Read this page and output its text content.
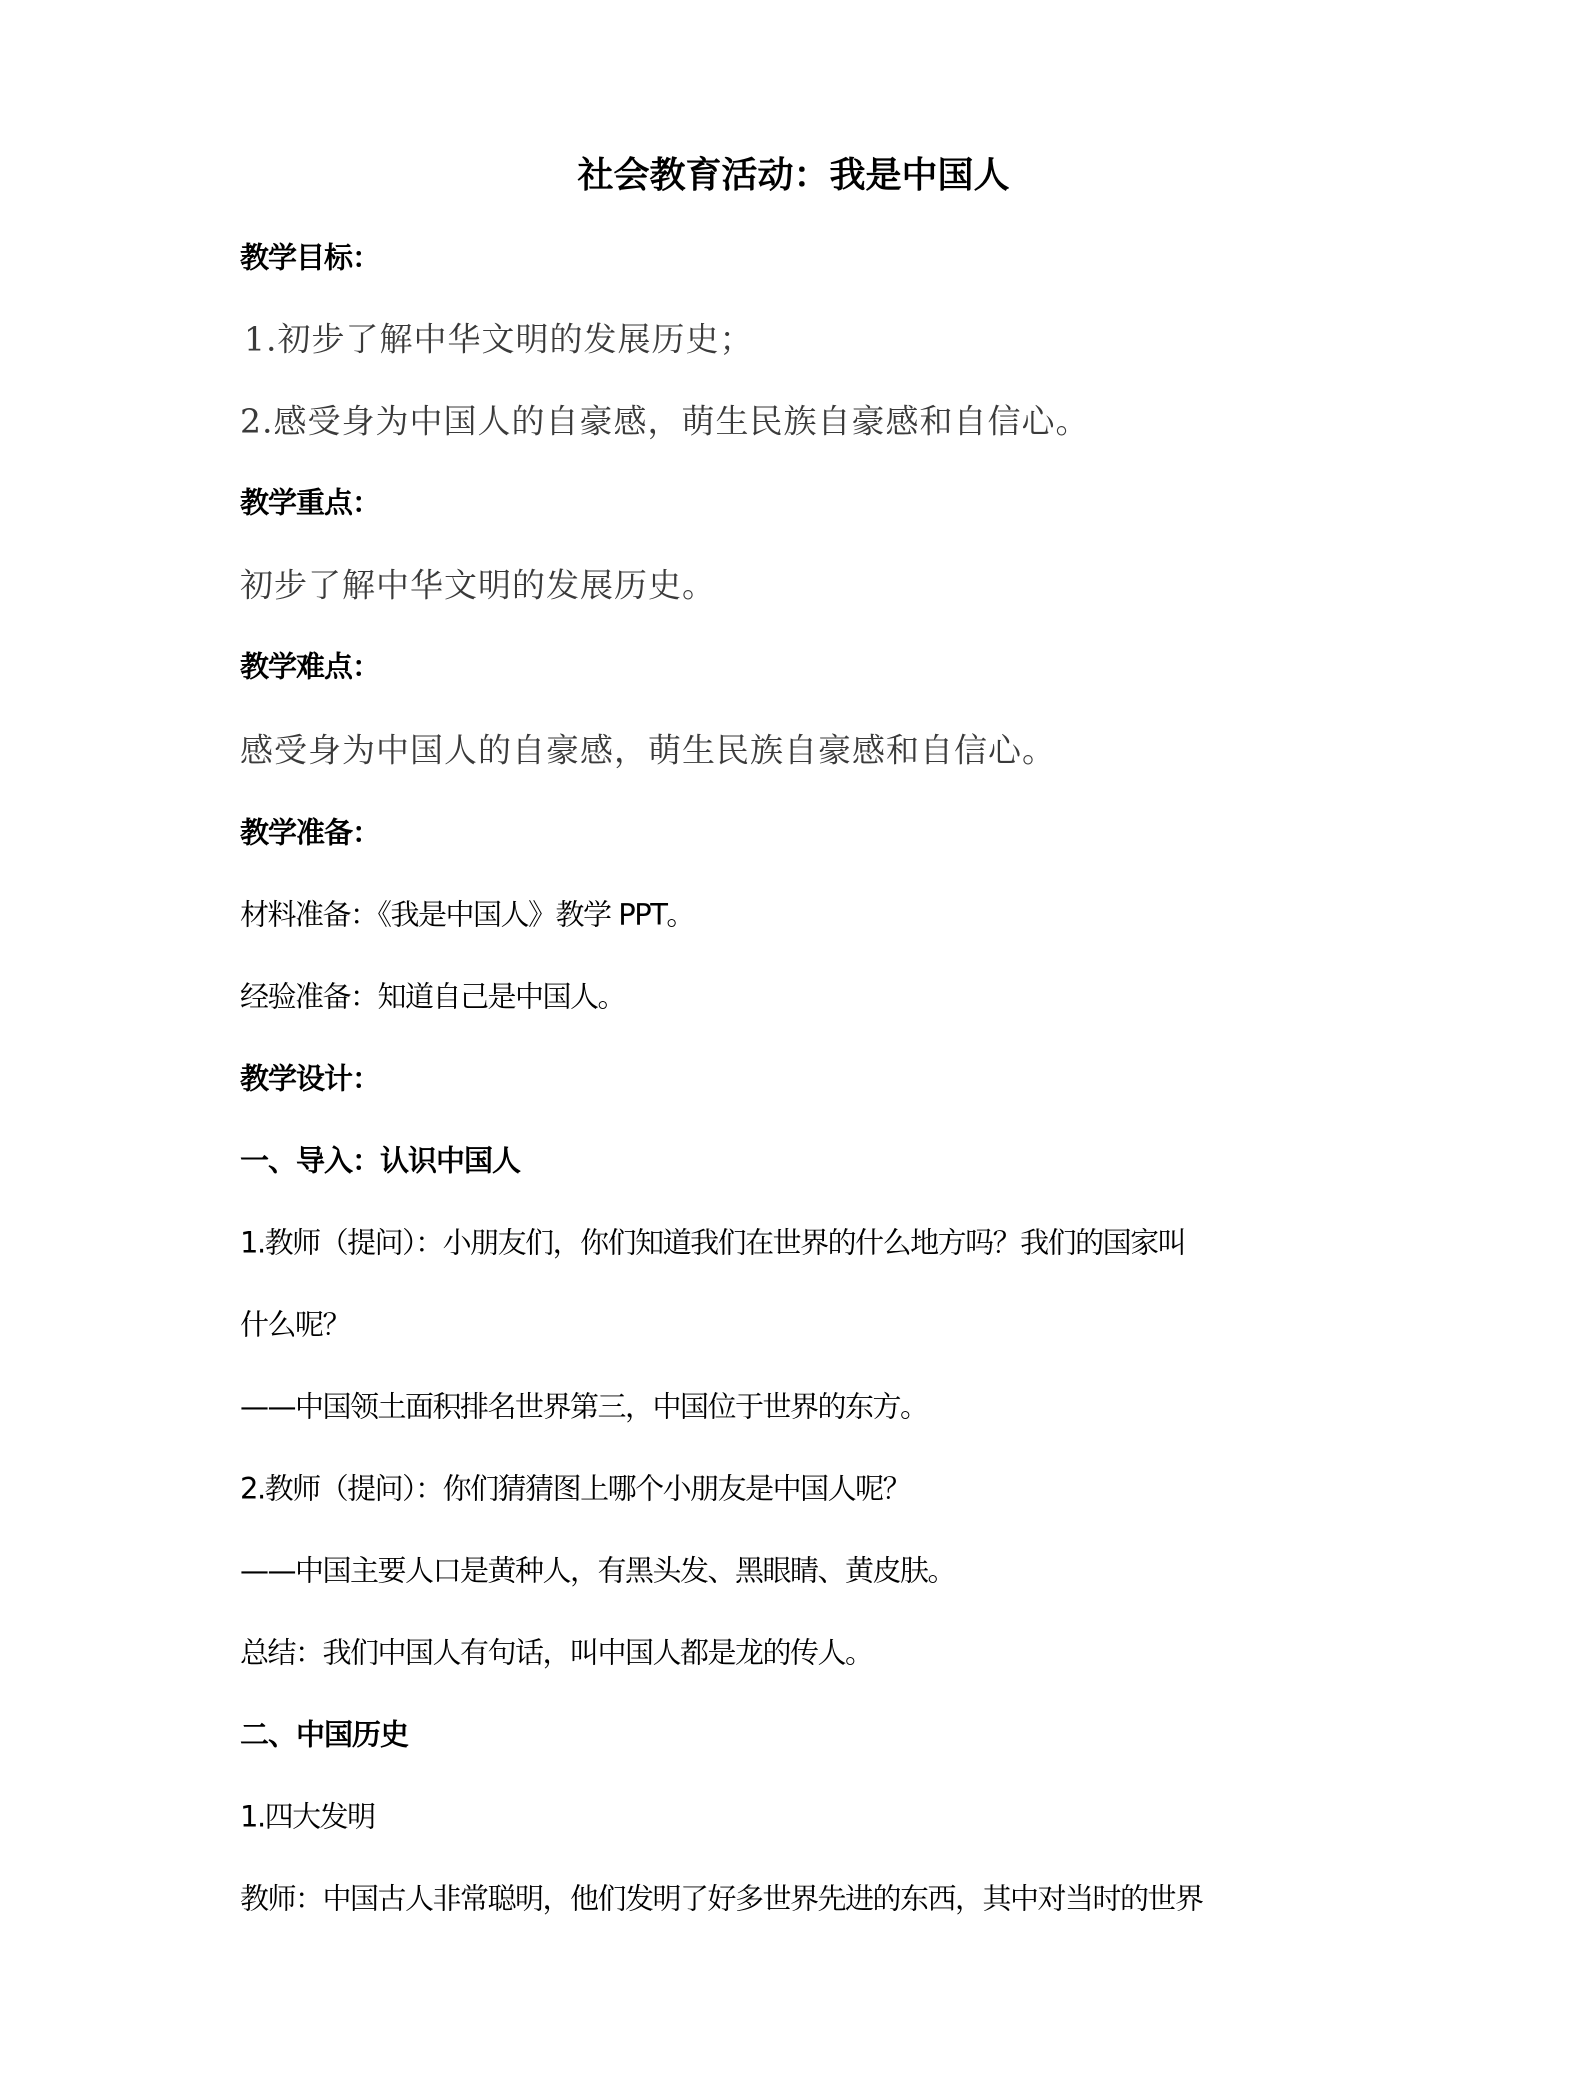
社会教育活动：我是中国人
教学目标：
1.初步了解中华文明的发展历史；
2.感受身为中国人的自豪感，萌生民族自豪感和自信心。
教学重点：
初步了解中华文明的发展历史。
教学难点：
感受身为中国人的自豪感，萌生民族自豪感和自信心。
教学准备：
材料准备：《我是中国人》教学 PPT。
经验准备：知道自己是中国人。
教学设计：
一、导入：认识中国人
1.教师（提问）：小朋友们，你们知道我们在世界的什么地方吗？我们的国家叫
什么呢？
——中国领土面积排名世界第三，中国位于世界的东方。
2.教师（提问）：你们猜猜图上哪个小朋友是中国人呢？
——中国主要人口是黄种人，有黑头发、黑眼睛、黄皮肤。
总结：我们中国人有句话，叫中国人都是龙的传人。
二、中国历史
1.四大发明
教师：中国古人非常聪明，他们发明了好多世界先进的东西，其中对当时的世界
